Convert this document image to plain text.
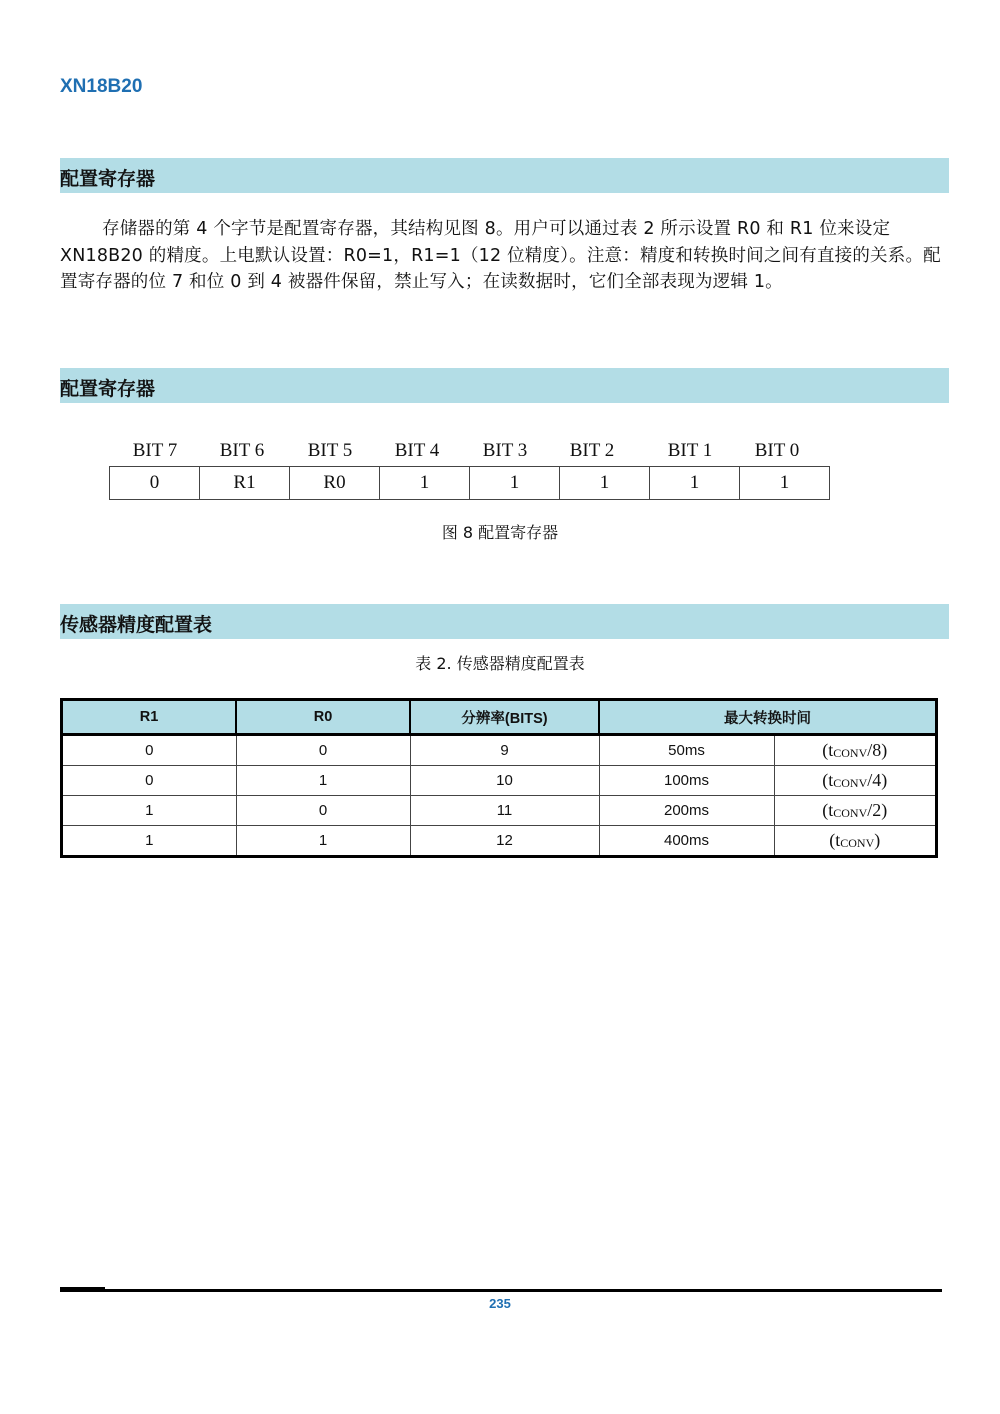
XN18B20
配置寄存器
存储器的第 4 个字节是配置寄存器，其结构见图 8。用户可以通过表 2 所示设置 R0 和 R1 位来设定 XN18B20 的精度。上电默认设置：R0=1，R1=1（12 位精度）。注意：精度和转换时间之间有直接的关系。配置寄存器的位 7 和位 0 到 4 被器件保留，禁止写入；在读数据时，它们全部表现为逻辑 1。
配置寄存器
BIT 7	BIT 6	BIT 5	BIT 4	BIT 3	BIT 2	BIT 1	BIT 0
0	R1	R0	1	1	1	1	1
图 8 配置寄存器
传感器精度配置表
表 2. 传感器精度配置表
R1	R0	分辨率(BITS)	最大转换时间	
0	0	9	50ms	$(t_{CONV}/8)$
0	1	10	100ms	$(t_{CONV}/4)$
1	0	11	200ms	$(t_{CONV}/2)$
1	1	12	400ms	$(t_{CONV})$
235
